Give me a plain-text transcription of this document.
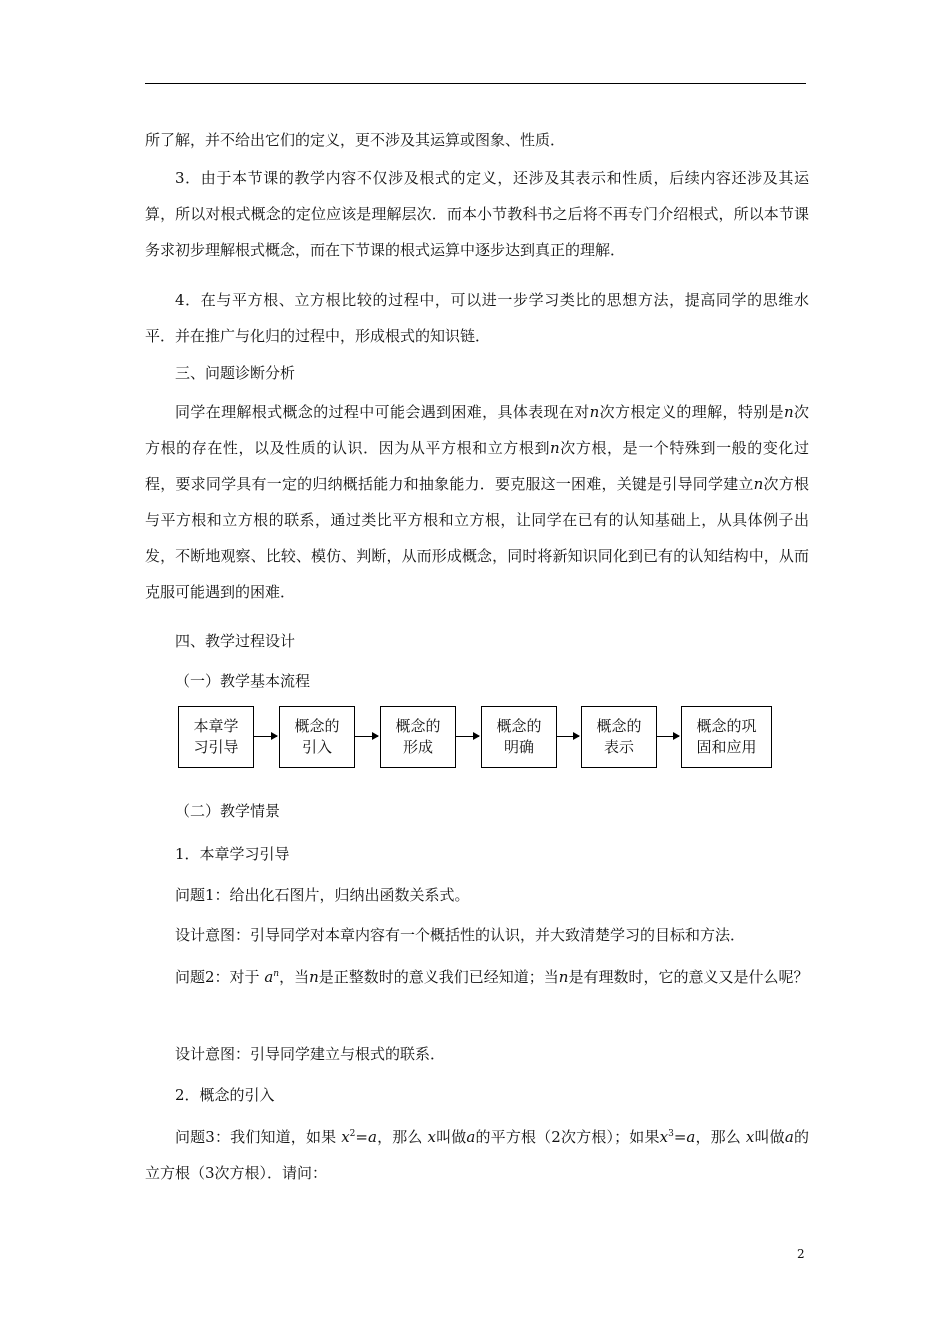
所了解，并不给出它们的定义，更不涉及其运算或图象、性质．
3．由于本节课的教学内容不仅涉及根式的定义，还涉及其表示和性质，后续内容还涉及其运算，所以对根式概念的定位应该是理解层次．而本小节教科书之后将不再专门介绍根式，所以本节课务求初步理解根式概念，而在下节课的根式运算中逐步达到真正的理解．
4．在与平方根、立方根比较的过程中，可以进一步学习类比的思想方法，提高同学的思维水平．并在推广与化归的过程中，形成根式的知识链．
三、问题诊断分析
同学在理解根式概念的过程中可能会遇到困难，具体表现在对n次方根定义的理解，特别是n次方根的存在性，以及性质的认识．因为从平方根和立方根到n次方根，是一个特殊到一般的变化过程，要求同学具有一定的归纳概括能力和抽象能力．要克服这一困难，关键是引导同学建立n次方根与平方根和立方根的联系，通过类比平方根和立方根，让同学在已有的认知基础上，从具体例子出发，不断地观察、比较、模仿、判断，从而形成概念，同时将新知识同化到已有的认知结构中，从而克服可能遇到的困难．
四、教学过程设计
（一）教学基本流程
本章学
习引导
概念的
引入
概念的
形成
概念的
明确
概念的
表示
概念的巩
固和应用
（二）教学情景
1．本章学习引导
问题1：给出化石图片，归纳出函数关系式。
设计意图：引导同学对本章内容有一个概括性的认识，并大致清楚学习的目标和方法．
问题2：对于 $a^n$，当n是正整数时的意义我们已经知道；当n是有理数时，它的意义又是什么呢？
设计意图：引导同学建立与根式的联系．
2．概念的引入
问题3：我们知道，如果 $x^2=a$，那么 x叫做a的平方根（2次方根）；如果$x^3=a$，那么 x叫做a的立方根（3次方根）．请问：
2
